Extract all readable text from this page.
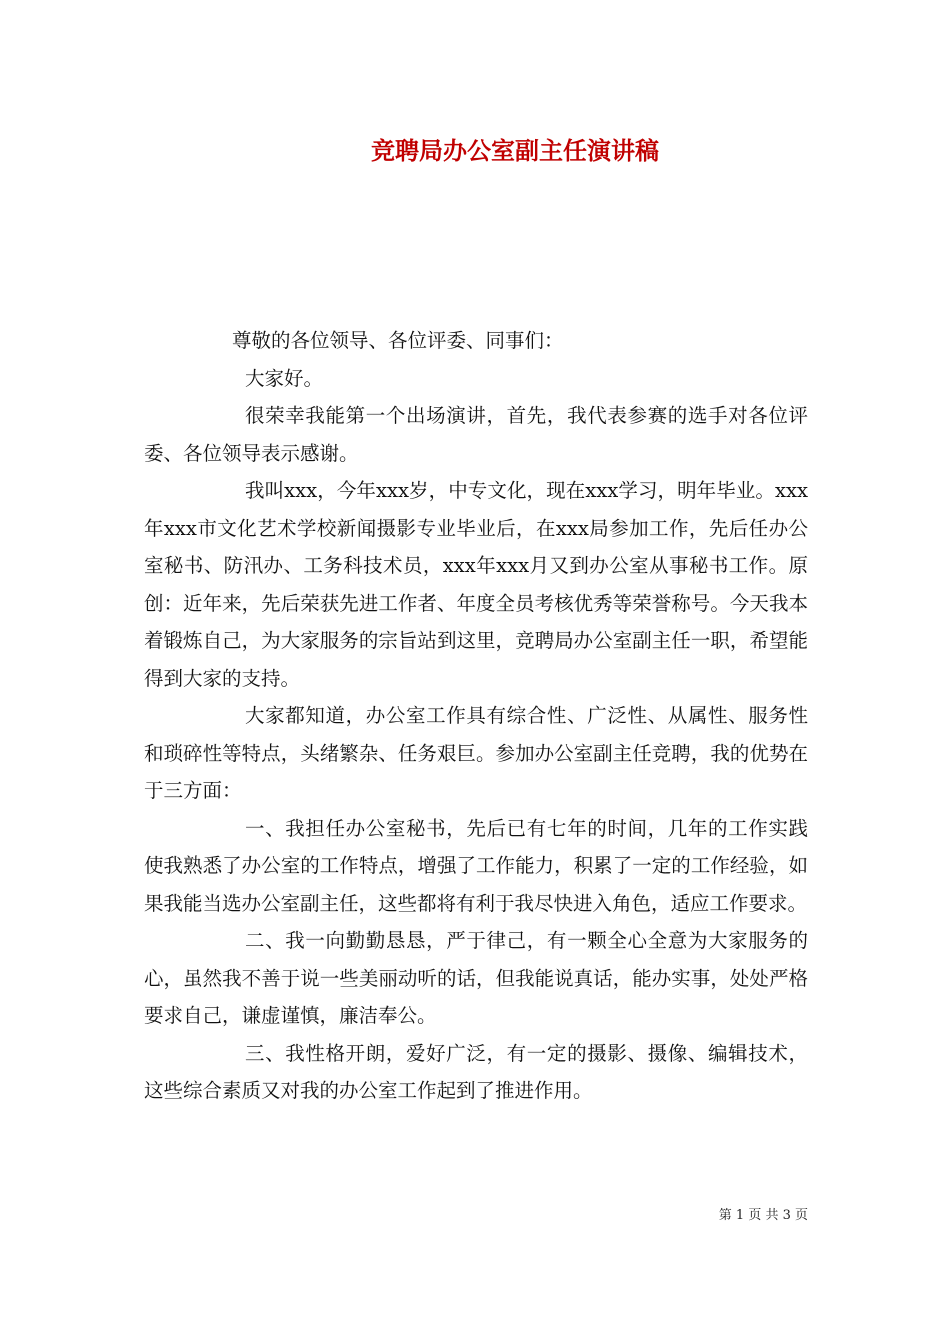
竞聘局办公室副主任演讲稿

尊敬的各位领导、各位评委、同事们：

大家好。

很荣幸我能第一个出场演讲，首先，我代表参赛的选手对各位评委、各位领导表示感谢。

我叫xxx，今年xxx岁，中专文化，现在xxx学习，明年毕业。xxx年xxx市文化艺术学校新闻摄影专业毕业后，在xxx局参加工作，先后任办公室秘书、防汛办、工务科技术员，xxx年xxx月又到办公室从事秘书工作。原创：近年来，先后荣获先进工作者、年度全员考核优秀等荣誉称号。今天我本着锻炼自己，为大家服务的宗旨站到这里，竞聘局办公室副主任一职，希望能得到大家的支持。

大家都知道，办公室工作具有综合性、广泛性、从属性、服务性和琐碎性等特点，头绪繁杂、任务艰巨。参加办公室副主任竞聘，我的优势在于三方面：

一、我担任办公室秘书，先后已有七年的时间，几年的工作实践使我熟悉了办公室的工作特点，增强了工作能力，积累了一定的工作经验，如果我能当选办公室副主任，这些都将有利于我尽快进入角色，适应工作要求。

二、我一向勤勤恳恳，严于律己，有一颗全心全意为大家服务的心，虽然我不善于说一些美丽动听的话，但我能说真话，能办实事，处处严格要求自己，谦虚谨慎，廉洁奉公。

三、我性格开朗，爱好广泛，有一定的摄影、摄像、编辑技术，这些综合素质又对我的办公室工作起到了推进作用。

第 1 页 共 3 页
